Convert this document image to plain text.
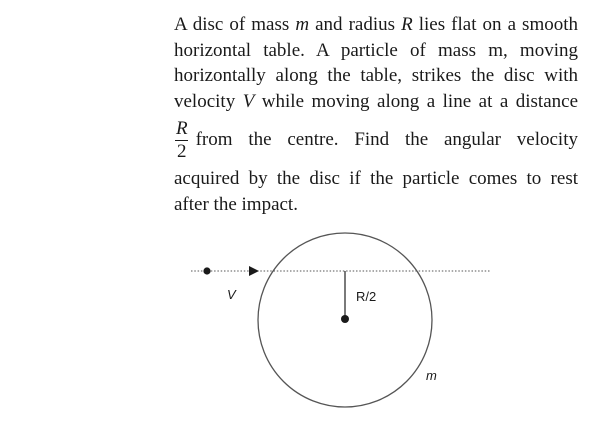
A disc of mass m and radius R lies flat on a smooth
horizontal table. A particle of mass m, moving
horizontally along the table, strikes the disc with
velocity V while moving along a line at a distance
$\frac{R}{2}$ from the centre. Find the angular velocity
acquired by the disc if the particle comes to rest
after the impact.
V	R/2
m
